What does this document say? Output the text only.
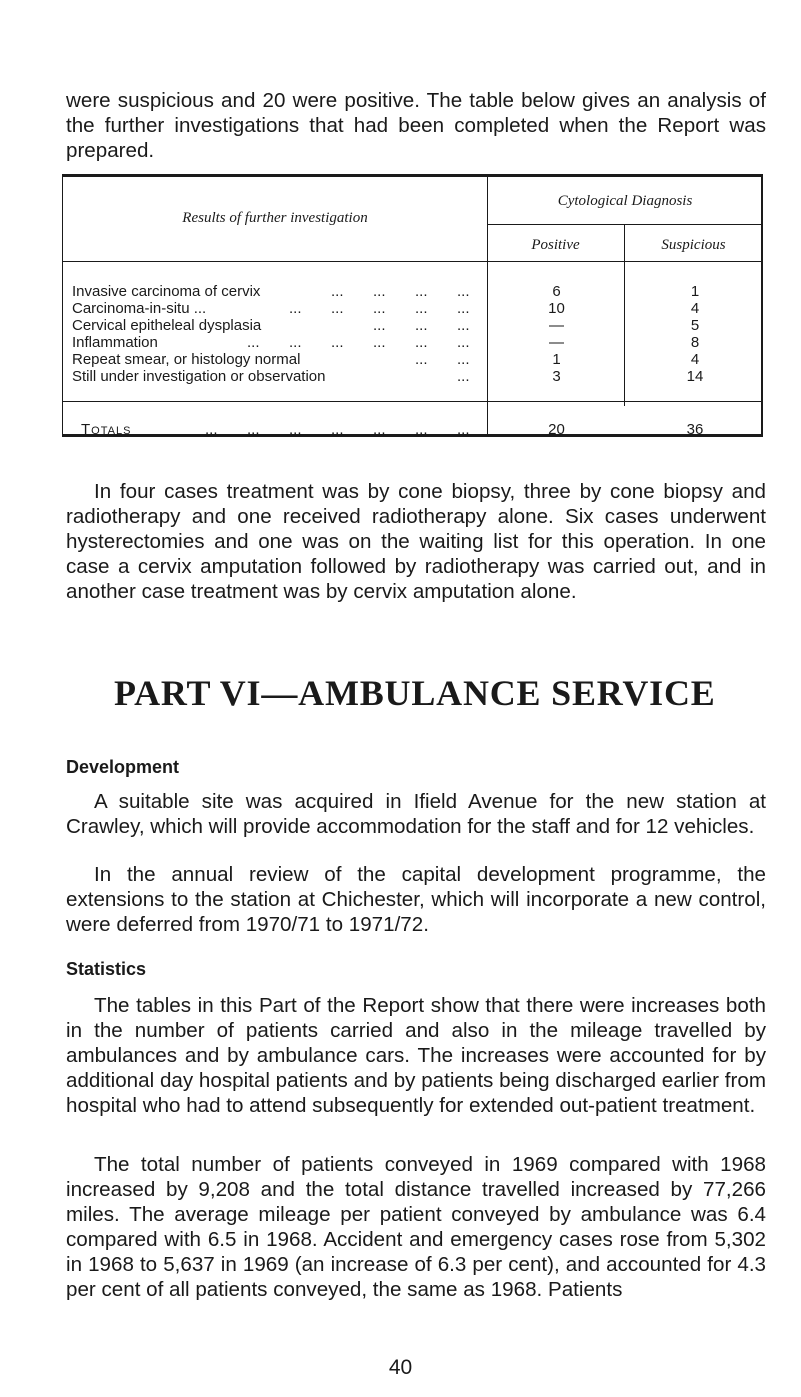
were suspicious and 20 were positive. The table below gives an analysis of the further investigations that had been completed when the Report was prepared.

Results of further investigation
Cytological Diagnosis
Positive	Suspicious
Invasive carcinoma of cervix	... ... ... ...	6	1
Carcinoma-in-situ ...	... ... ... ... ...	10	4
Cervical epitheleal dysplasia	... ... ...	—	5
Inflammation	... ... ... ... ... ...	—	8
Repeat smear, or histology normal	... ...	1	4
Still under investigation or observation	...	3	14
Totals	... ... ... ... ... ... ...	20	36

In four cases treatment was by cone biopsy, three by cone biopsy and radiotherapy and one received radiotherapy alone. Six cases underwent hysterectomies and one was on the waiting list for this operation. In one case a cervix amputation followed by radiotherapy was carried out, and in another case treatment was by cervix amputation alone.

PART VI—AMBULANCE SERVICE
Development

A suitable site was acquired in Ifield Avenue for the new station at Crawley, which will provide accommodation for the staff and for 12 vehicles.

In the annual review of the capital development programme, the extensions to the station at Chichester, which will incorporate a new control, were deferred from 1970/71 to 1971/72.

Statistics

The tables in this Part of the Report show that there were increases both in the number of patients carried and also in the mileage travelled by ambulances and by ambulance cars. The increases were accounted for by additional day hospital patients and by patients being discharged earlier from hospital who had to attend subsequently for extended out-patient treatment.

The total number of patients conveyed in 1969 compared with 1968 increased by 9,208 and the total distance travelled increased by 77,266 miles. The average mileage per patient conveyed by ambulance was 6.4 compared with 6.5 in 1968. Accident and emergency cases rose from 5,302 in 1968 to 5,637 in 1969 (an increase of 6.3 per cent), and accounted for 4.3 per cent of all patients conveyed, the same as 1968. Patients

40
